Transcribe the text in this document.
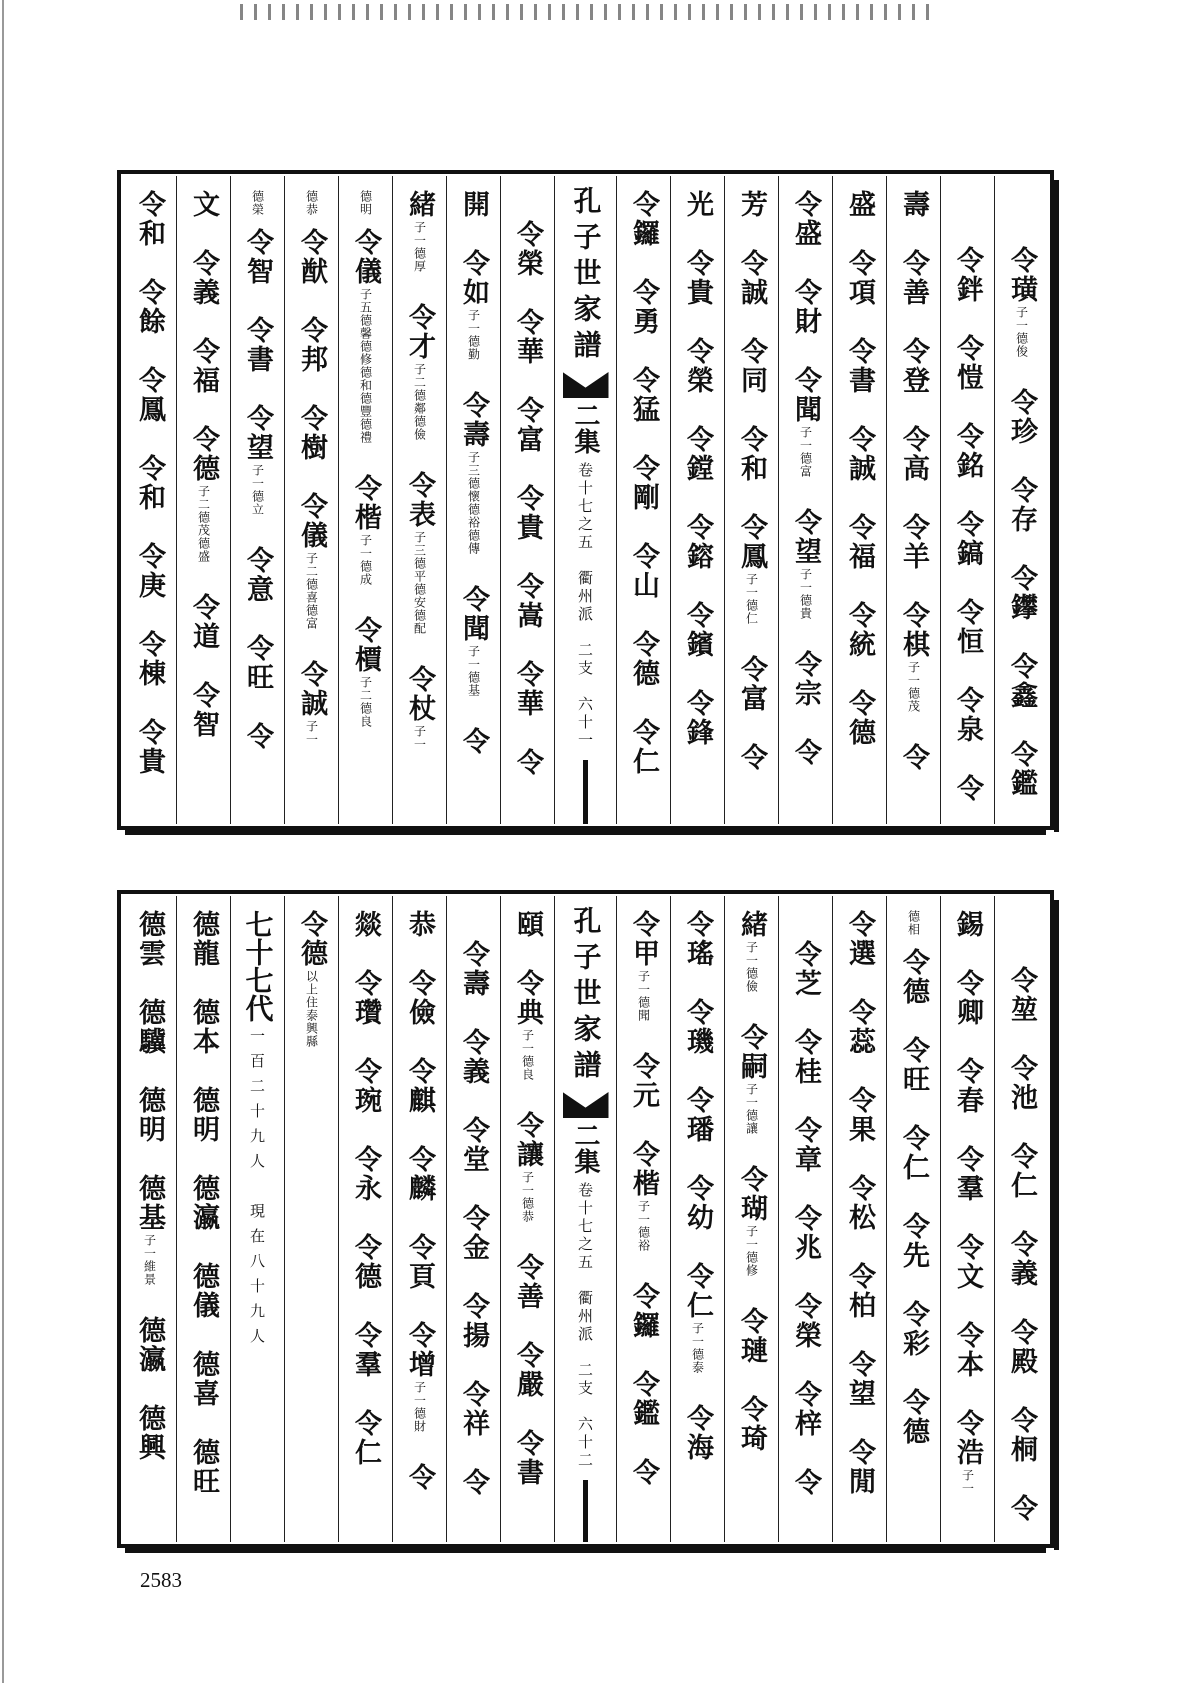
令璜
子一德俊
令珍
令存
令鑻
令鑫
令鑑
令鉡
令愷
令銘
令鎬
令恒
令泉
令
壽
令善
令登
令高
令羊
令棋
子一德茂
令
盛
令項
令書
令誠
令福
令統
令德
令盛
令財
令聞
子一德富
令望
子一德貴
令宗
令
芳
令誠
令同
令和
令鳳
子一德仁
令富
令
光
令貴
令榮
令鏜
令鎔
令鑌
令鋒
令鑼
令勇
令猛
令剛
令山
令德
令仁
孔子世家譜
二集
卷十七之五　衢州派　二支　六十一
令榮
令華
令富
令貴
令嵩
令華
令
開
令如
子一德勤
令壽
子三德懷德裕德傳
令聞
子一德基
令
緒
子一德厚
令才
子二德鄰德儉
令表
子三德平德安德配
令杖
子一
德明
令儀
子五德馨德修德和德豐德禮
令楷
子一德成
令檟
子二德良
德恭
令猷
令邦
令樹
令儀
子二德喜德富
令誠
子一
德榮
令智
令書
令望
子一德立
令意
令旺
令
文
令義
令福
令德
子二德茂德盛
令道
令智
令和
令餘
令鳳
令和
令庚
令棟
令貴
令堃
令池
令仁
令義
令殿
令桐
令
錫
令卿
令春
令羣
令文
令本
令浩
子一
德相
令德
令旺
令仁
令先
令彩
令德
令選
令蕊
令果
令松
令柏
令望
令閒
令芝
令桂
令章
令兆
令榮
令梓
令
緒
子一德儉
令嗣
子一德讓
令瑚
子一德修
令璉
令琦
令瑤
令璣
令璠
令幼
令仁
子一德泰
令海
令甲
子一德聞
令元
令楷
子一德裕
令鑼
令鑑
令
孔子世家譜
二集
卷十七之五　衢州派　二支　六十二
頤
令典
子一德良
令讓
子一德恭
令善
令嚴
令書
令壽
令義
令堂
令金
令揚
令祥
令
恭
令儉
令麒
令麟
令頁
令增
子一德財
令
燚
令瓚
令琬
令永
令德
令羣
令仁
令德
以上住泰興縣
七十七代
一百二十九人　現在八十九人
德龍
德本
德明
德瀛
德儀
德喜
德旺
德雲
德驥
德明
德基
子一維景
德瀛
德興
2583
